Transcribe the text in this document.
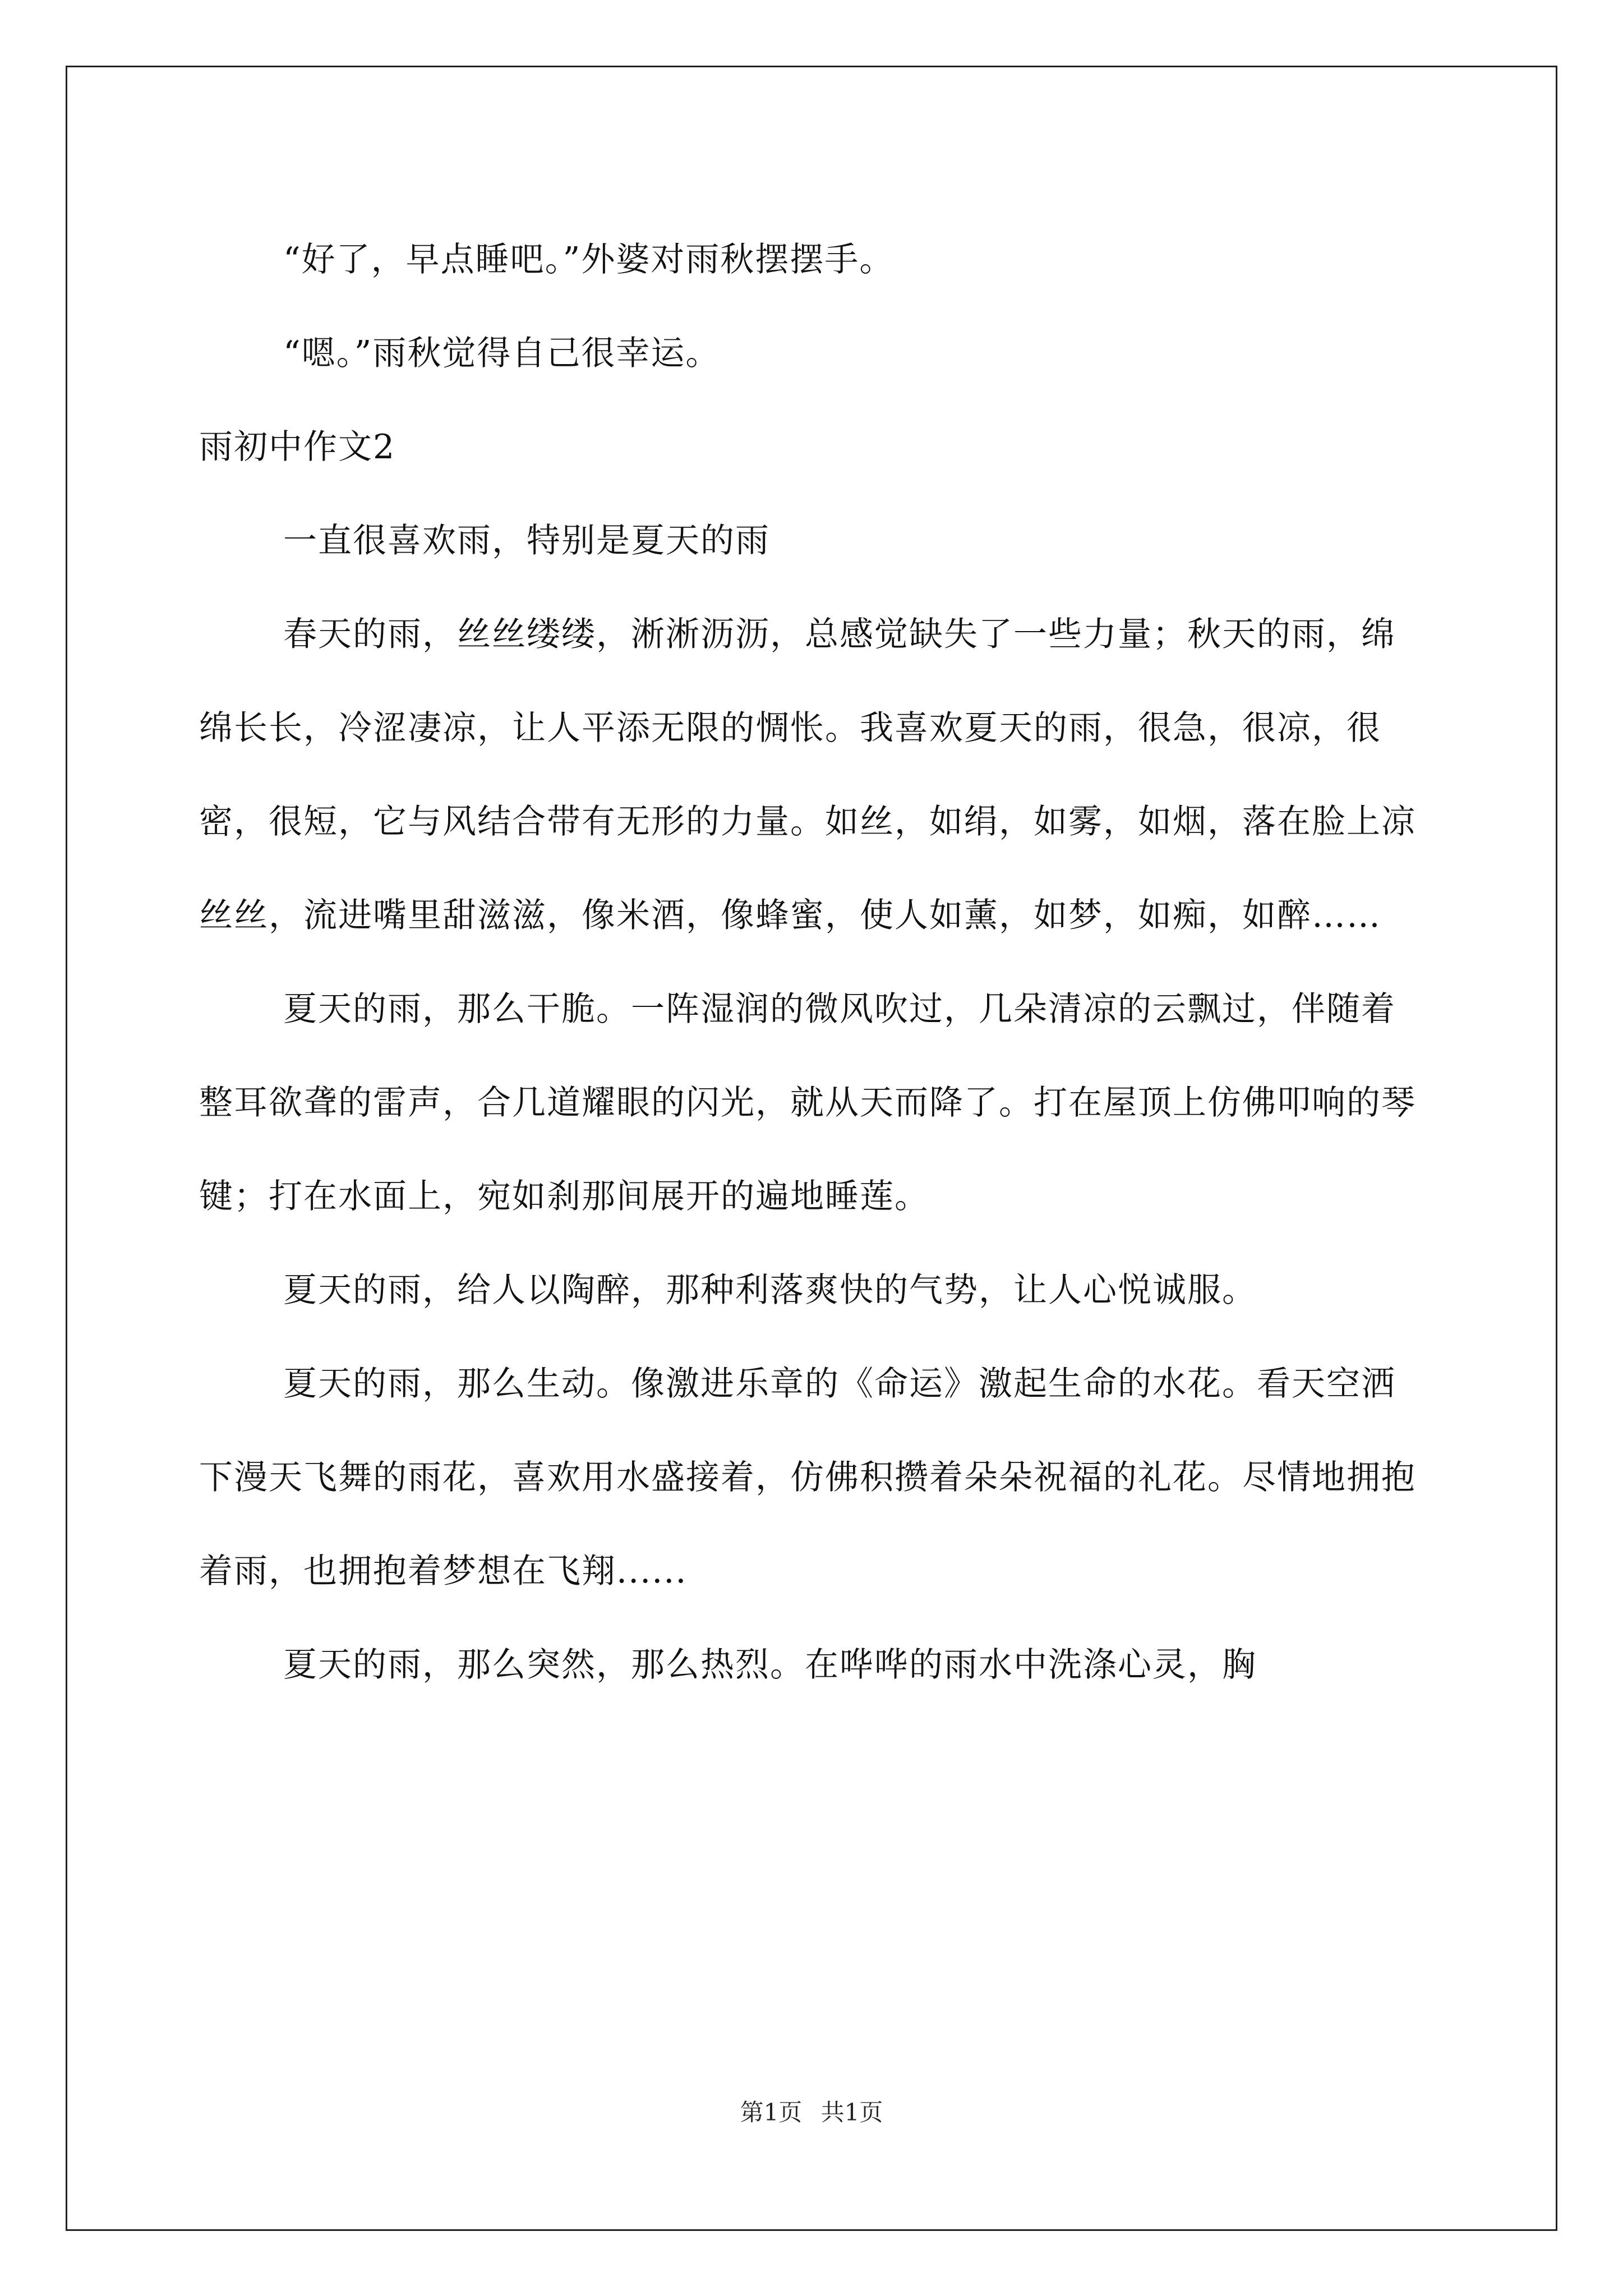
“好了，早点睡吧。”外婆对雨秋摆摆手。

“嗯。”雨秋觉得自己很幸运。

雨初中作文2

一直很喜欢雨，特别是夏天的雨

春天的雨，丝丝缕缕，淅淅沥沥，总感觉缺失了一些力量；秋天的雨，绵绵长长，冷涩凄凉，让人平添无限的惆怅。我喜欢夏天的雨，很急，很凉，很密，很短，它与风结合带有无形的力量。如丝，如绢，如雾，如烟，落在脸上凉丝丝，流进嘴里甜滋滋，像米酒，像蜂蜜，使人如薰，如梦，如痴，如醉……

夏天的雨，那么干脆。一阵湿润的微风吹过，几朵清凉的云飘过，伴随着整耳欲聋的雷声，合几道耀眼的闪光，就从天而降了。打在屋顶上仿佛叩响的琴键；打在水面上，宛如刹那间展开的遍地睡莲。

夏天的雨，给人以陶醉，那种利落爽快的气势，让人心悦诚服。

夏天的雨，那么生动。像激进乐章的《命运》激起生命的水花。看天空洒下漫天飞舞的雨花，喜欢用水盛接着，仿佛积攒着朵朵祝福的礼花。尽情地拥抱着雨，也拥抱着梦想在飞翔......

夏天的雨，那么突然，那么热烈。在哗哗的雨水中洗涤心灵，胸

第1页 共1页
